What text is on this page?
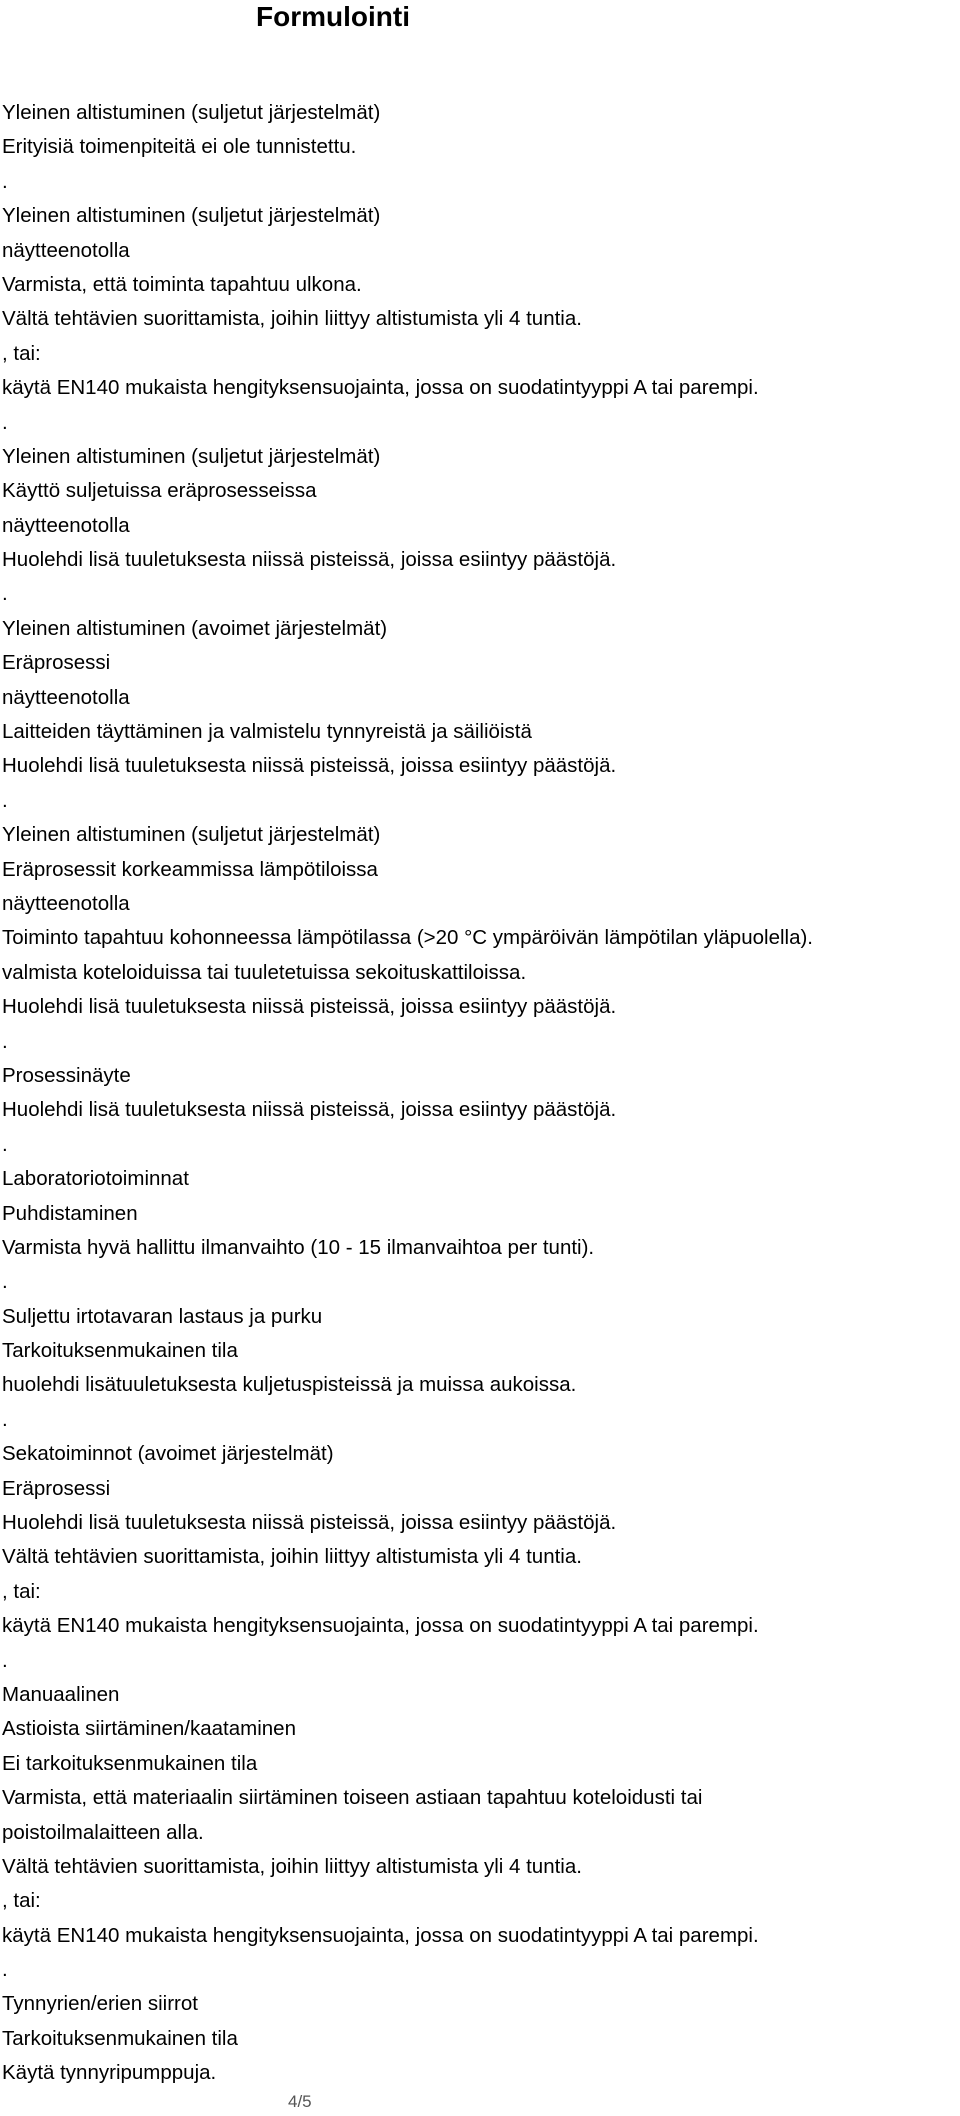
Formulointi
Yleinen altistuminen (suljetut järjestelmät)
Erityisiä toimenpiteitä ei ole tunnistettu.
.
Yleinen altistuminen (suljetut järjestelmät)
näytteenotolla
Varmista, että toiminta tapahtuu ulkona.
Vältä tehtävien suorittamista, joihin liittyy altistumista yli 4 tuntia.
, tai:
käytä EN140 mukaista hengityksensuojainta, jossa on suodatintyyppi A tai parempi.
.
Yleinen altistuminen (suljetut järjestelmät)
Käyttö suljetuissa eräprosesseissa
näytteenotolla
Huolehdi lisä tuuletuksesta niissä pisteissä, joissa esiintyy päästöjä.
.
Yleinen altistuminen (avoimet järjestelmät)
Eräprosessi
näytteenotolla
Laitteiden täyttäminen ja valmistelu tynnyreistä ja säiliöistä
Huolehdi lisä tuuletuksesta niissä pisteissä, joissa esiintyy päästöjä.
.
Yleinen altistuminen (suljetut järjestelmät)
Eräprosessit korkeammissa lämpötiloissa
näytteenotolla
Toiminto tapahtuu kohonneessa lämpötilassa (>20 °C ympäröivän lämpötilan yläpuolella).
valmista koteloiduissa tai tuuletetuissa sekoituskattiloissa.
Huolehdi lisä tuuletuksesta niissä pisteissä, joissa esiintyy päästöjä.
.
Prosessinäyte
Huolehdi lisä tuuletuksesta niissä pisteissä, joissa esiintyy päästöjä.
.
Laboratoriotoiminnat
Puhdistaminen
Varmista hyvä hallittu ilmanvaihto (10 - 15 ilmanvaihtoa per tunti).
.
Suljettu irtotavaran lastaus ja purku
Tarkoituksenmukainen tila
huolehdi lisätuuletuksesta kuljetuspisteissä ja muissa aukoissa.
.
Sekatoiminnot (avoimet järjestelmät)
Eräprosessi
Huolehdi lisä tuuletuksesta niissä pisteissä, joissa esiintyy päästöjä.
Vältä tehtävien suorittamista, joihin liittyy altistumista yli 4 tuntia.
, tai:
käytä EN140 mukaista hengityksensuojainta, jossa on suodatintyyppi A tai parempi.
.
Manuaalinen
Astioista siirtäminen/kaataminen
Ei tarkoituksenmukainen tila
Varmista, että materiaalin siirtäminen toiseen astiaan tapahtuu koteloidusti tai
poistoilmalaitteen alla.
Vältä tehtävien suorittamista, joihin liittyy altistumista yli 4 tuntia.
, tai:
käytä EN140 mukaista hengityksensuojainta, jossa on suodatintyyppi A tai parempi.
.
Tynnyrien/erien siirrot
Tarkoituksenmukainen tila
Käytä tynnyripumppuja.
4/5
